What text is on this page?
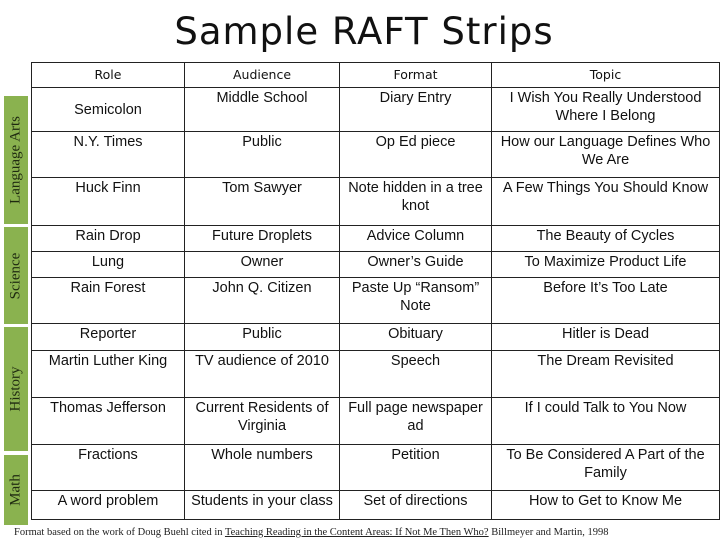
Sample RAFT Strips
Language Arts
Science
History
Math
Role	Audience	Format	Topic
Semicolon	Middle School	Diary Entry	I Wish You Really Understood Where I Belong
N.Y. Times	Public	Op Ed piece	How our Language Defines Who We Are
Huck Finn	Tom Sawyer	Note hidden in a tree knot	A Few Things You Should Know
Rain Drop	Future Droplets	Advice Column	The Beauty of Cycles
Lung	Owner	Owner’s Guide	To Maximize Product Life
Rain Forest	John Q. Citizen	Paste Up “Ransom” Note	Before It’s Too Late
Reporter	Public	Obituary	Hitler is Dead
Martin Luther King	TV audience of 2010	Speech	The Dream Revisited
Thomas Jefferson	Current Residents of Virginia	Full page newspaper ad	If I could Talk to You Now
Fractions	Whole numbers	Petition	To Be Considered A Part of the Family
A word problem	Students in your class	Set of directions	How to Get to Know Me
Format based on the work of Doug Buehl cited in Teaching Reading in the Content Areas: If Not Me Then Who? Billmeyer and Martin, 1998
